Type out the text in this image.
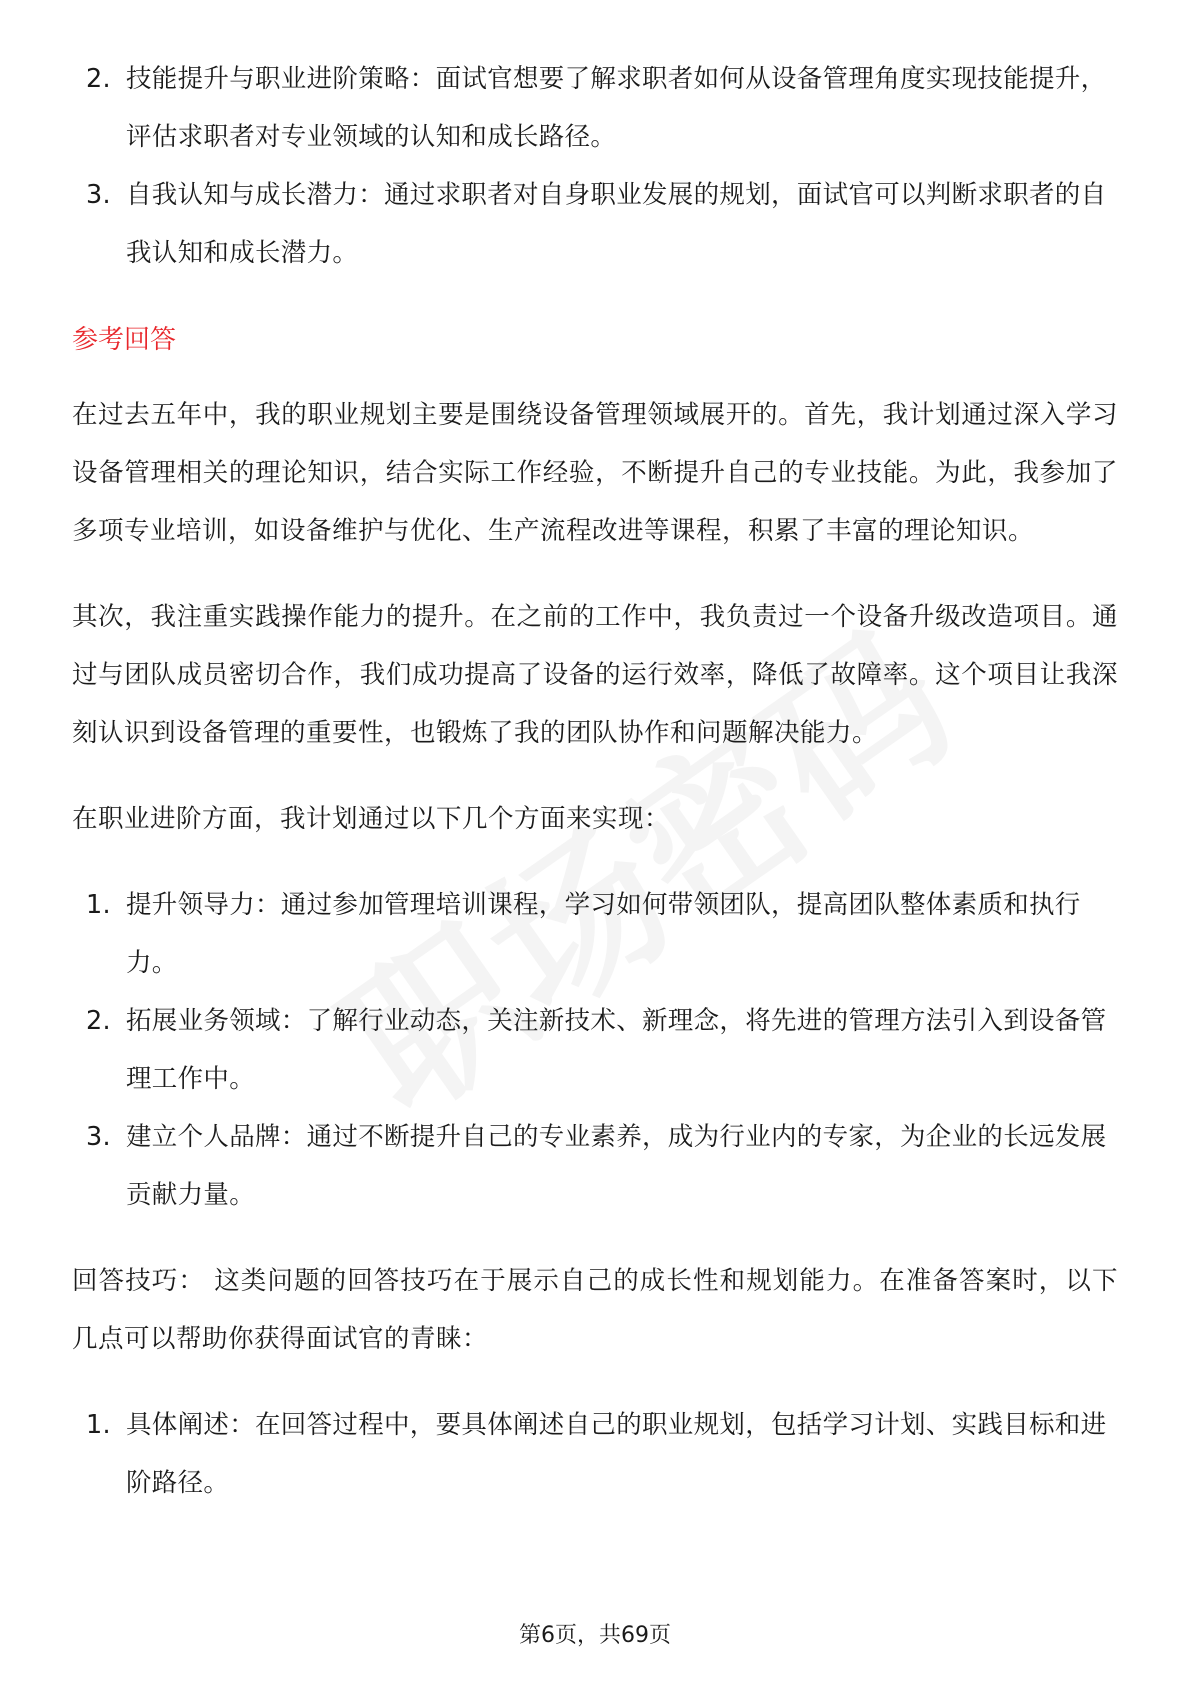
2. 技能提升与职业进阶策略：面试官想要了解求职者如何从设备管理角度实现技能提升，评估求职者对专业领域的认知和成长路径。
3. 自我认知与成长潜力：通过求职者对自身职业发展的规划，面试官可以判断求职者的自我认知和成长潜力。
参考回答

在过去五年中，我的职业规划主要是围绕设备管理领域展开的。首先，我计划通过深入学习设备管理相关的理论知识，结合实际工作经验，不断提升自己的专业技能。为此，我参加了多项专业培训，如设备维护与优化、生产流程改进等课程，积累了丰富的理论知识。

其次，我注重实践操作能力的提升。在之前的工作中，我负责过一个设备升级改造项目。通过与团队成员密切合作，我们成功提高了设备的运行效率，降低了故障率。这个项目让我深刻认识到设备管理的重要性，也锻炼了我的团队协作和问题解决能力。

在职业进阶方面，我计划通过以下几个方面来实现：

1. 提升领导力：通过参加管理培训课程，学习如何带领团队，提高团队整体素质和执行力。
2. 拓展业务领域：了解行业动态，关注新技术、新理念，将先进的管理方法引入到设备管理工作中。
3. 建立个人品牌：通过不断提升自己的专业素养，成为行业内的专家，为企业的长远发展贡献力量。

回答技巧： 这类问题的回答技巧在于展示自己的成长性和规划能力。在准备答案时，以下几点可以帮助你获得面试官的青睐：

1. 具体阐述：在回答过程中，要具体阐述自己的职业规划，包括学习计划、实践目标和进阶路径。
第6页，共69页
